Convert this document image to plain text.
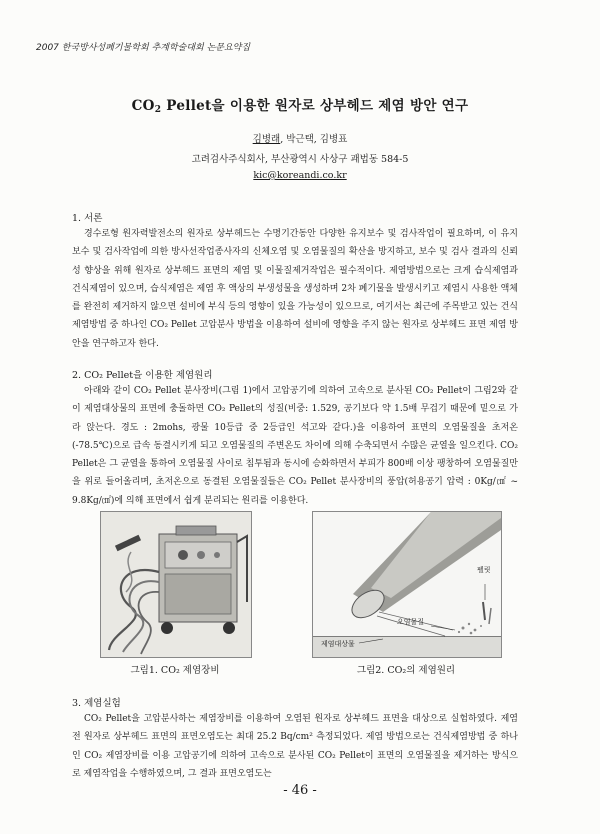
2007 한국방사성폐기물학회 추계학술대회 논문요약집
$CO_2$ Pellet을 이용한 원자로 상부헤드 제염 방안 연구
김병래, 박근택, 김병표
고려검사주식회사, 부산광역시 사상구 괘법동 584-5
kic@koreandi.co.kr
1. 서론

경수로형 원자력발전소의 원자로 상부헤드는 수명기간동안 다양한 유지보수 및 검사작업이 필요하며, 이 유지보수 및 검사작업에 의한 방사선작업종사자의 신체오염 및 오염물질의 확산을 방지하고, 보수 및 검사 결과의 신뢰성 향상을 위해 원자로 상부헤드 표면의 제염 및 이물질제거작업은 필수적이다. 제염방법으로는 크게 습식제염과 건식제염이 있으며, 습식제염은 제염 후 액상의 부생성물을 생성하며 2차 폐기물을 발생시키고 제염시 사용한 액체를 완전히 제거하지 않으면 설비에 부식 등의 영향이 있을 가능성이 있으므로, 여기서는 최근에 주목받고 있는 건식제염방법 중 하나인 CO₂ Pellet 고압분사 방법을 이용하여 설비에 영향을 주지 않는 원자로 상부헤드 표면 제염 방안을 연구하고자 한다.

2. CO₂ Pellet을 이용한 제염원리

아래와 같이 CO₂ Pellet 분사장비(그림 1)에서 고압공기에 의하여 고속으로 분사된 CO₂ Pellet이 그림2와 같이 제염대상물의 표면에 충돌하면 CO₂ Pellet의 성질(비중: 1.529, 공기보다 약 1.5배 무겁기 때문에 밑으로 가라 앉는다. 경도 : 2mohs, 광물 10등급 중 2등급인 석고와 같다.)을 이용하여 표면의 오염물질을 초저온(-78.5℃)으로 급속 동결시키게 되고 오염물질의 주변온도 차이에 의해 수축되면서 수많은 균열을 일으킨다. CO₂ Pellet은 그 균열을 통하여 오염물질 사이로 침투됨과 동시에 승화하면서 부피가 800배 이상 팽창하여 오염물질만을 위로 들어올리며, 초저온으로 동결된 오염물질들은 CO₂ Pellet 분사장비의 풍압(허용공기 압력 : 0Kg/㎠ ~ 9.8Kg/㎠)에 의해 표면에서 쉽게 분리되는 원리를 이용한다.

그림1. CO₂ 제염장비
오염물질
펠릿
제염대상물
그림2. CO₂의 제염원리
3. 제염실험

CO₂ Pellet을 고압분사하는 제염장비를 이용하여 오염된 원자로 상부헤드 표면을 대상으로 실험하였다. 제염전 원자로 상부헤드 표면의 표면오염도는 최대 25.2 Bq/cm² 측정되었다. 제염 방법으로는 건식제염방법 중 하나인 CO₂ 제염장비를 이용 고압공기에 의하여 고속으로 분사된 CO₂ Pellet이 표면의 오염물질을 제거하는 방식으로 제염작업을 수행하였으며, 그 결과 표면오염도는

- 46 -
